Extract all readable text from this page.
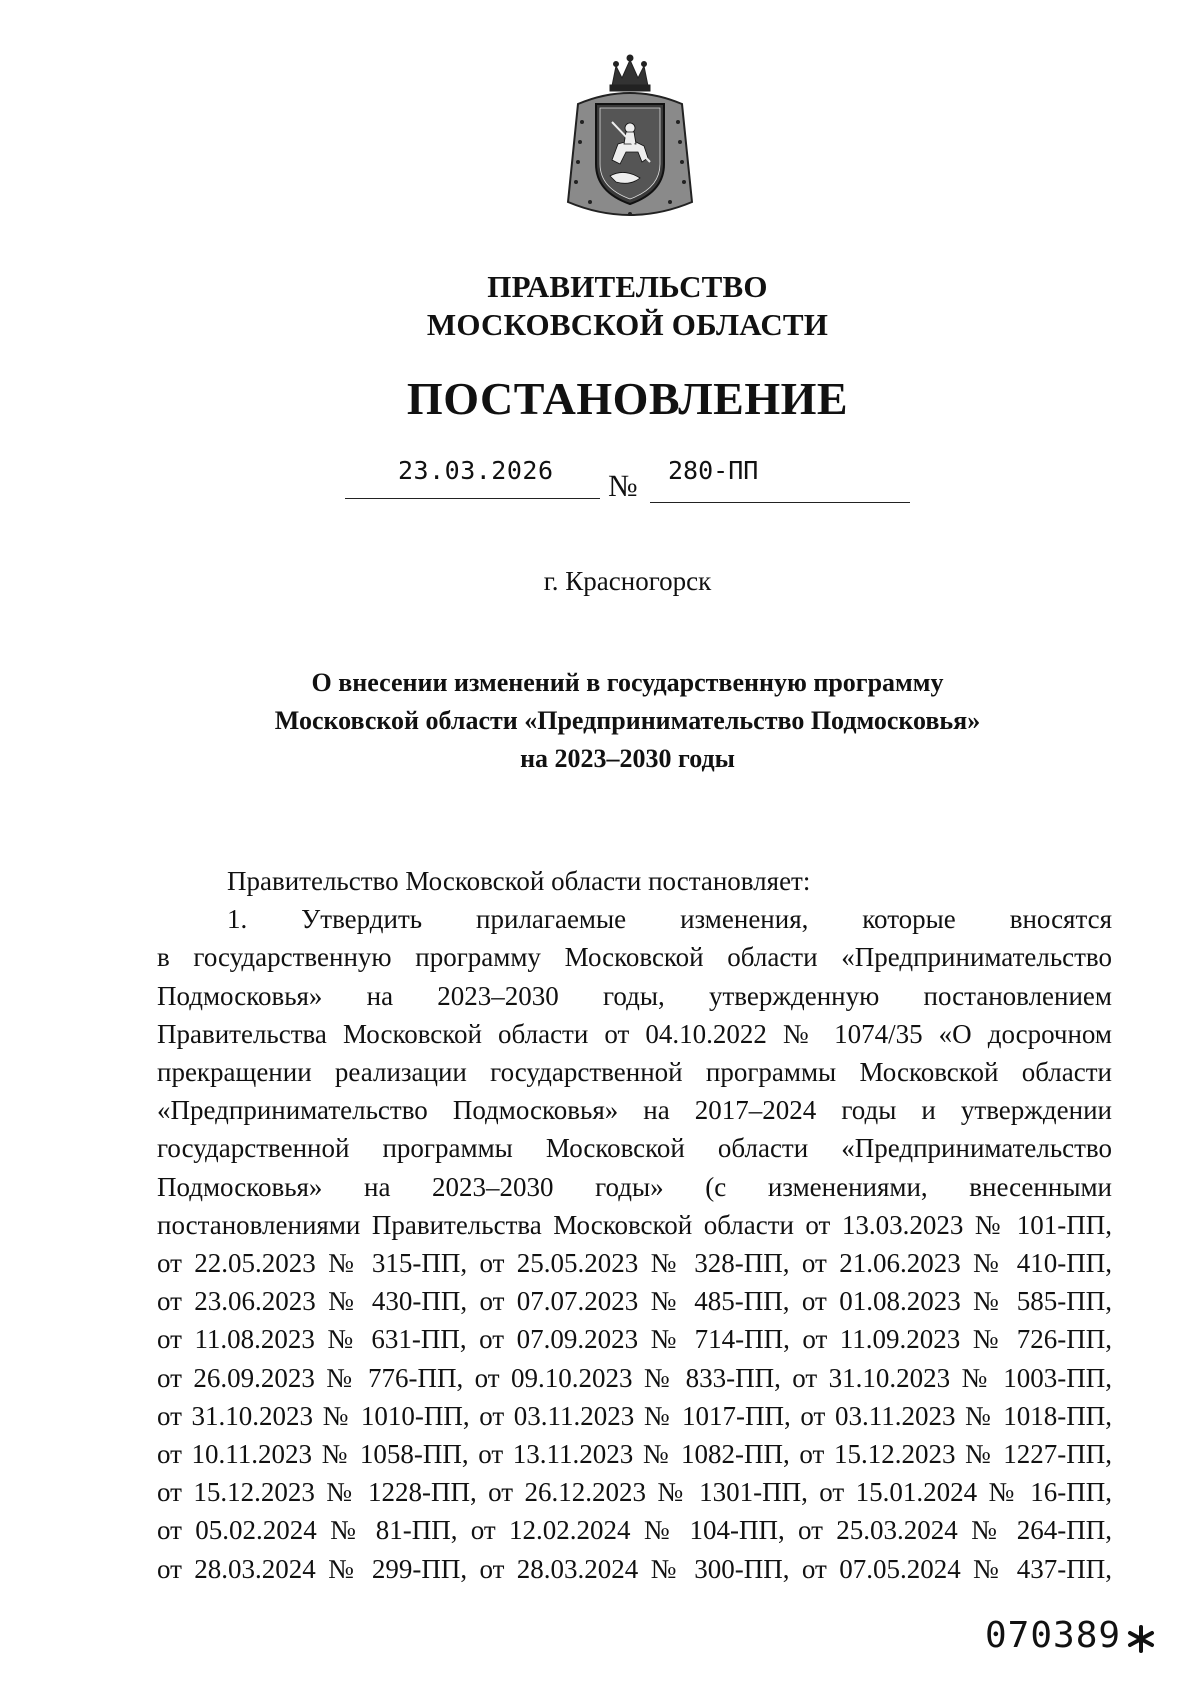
ПРАВИТЕЛЬСТВО
МОСКОВСКОЙ ОБЛАСТИ
ПОСТАНОВЛЕНИЕ
23.03.2026 № 280-ПП
г. Красногорск
О внесении изменений в государственную программу
Московской области «Предпринимательство Подмосковья»
на 2023–2030 годы
Правительство Московской области постановляет:
1. Утвердить прилагаемые изменения, которые вносятся
в государственную программу Московской области «Предпринимательство
Подмосковья» на 2023–2030 годы, утвержденную постановлением
Правительства Московской области от 04.10.2022 № 1074/35 «О досрочном
прекращении реализации государственной программы Московской области
«Предпринимательство Подмосковья» на 2017–2024 годы и утверждении
государственной программы Московской области «Предпринимательство
Подмосковья» на 2023–2030 годы» (с изменениями, внесенными
постановлениями Правительства Московской области от 13.03.2023 № 101-ПП,
от 22.05.2023 № 315-ПП, от 25.05.2023 № 328-ПП, от 21.06.2023 № 410-ПП,
от 23.06.2023 № 430-ПП, от 07.07.2023 № 485-ПП, от 01.08.2023 № 585-ПП,
от 11.08.2023 № 631-ПП, от 07.09.2023 № 714-ПП, от 11.09.2023 № 726-ПП,
от 26.09.2023 № 776-ПП, от 09.10.2023 № 833-ПП, от 31.10.2023 № 1003-ПП,
от 31.10.2023 № 1010-ПП, от 03.11.2023 № 1017-ПП, от 03.11.2023 № 1018-ПП,
от 10.11.2023 № 1058-ПП, от 13.11.2023 № 1082-ПП, от 15.12.2023 № 1227-ПП,
от 15.12.2023 № 1228-ПП, от 26.12.2023 № 1301-ПП, от 15.01.2024 № 16-ПП,
от 05.02.2024 № 81-ПП, от 12.02.2024 № 104-ПП, от 25.03.2024 № 264-ПП,
от 28.03.2024 № 299-ПП, от 28.03.2024 № 300-ПП, от 07.05.2024 № 437-ПП,
070389
